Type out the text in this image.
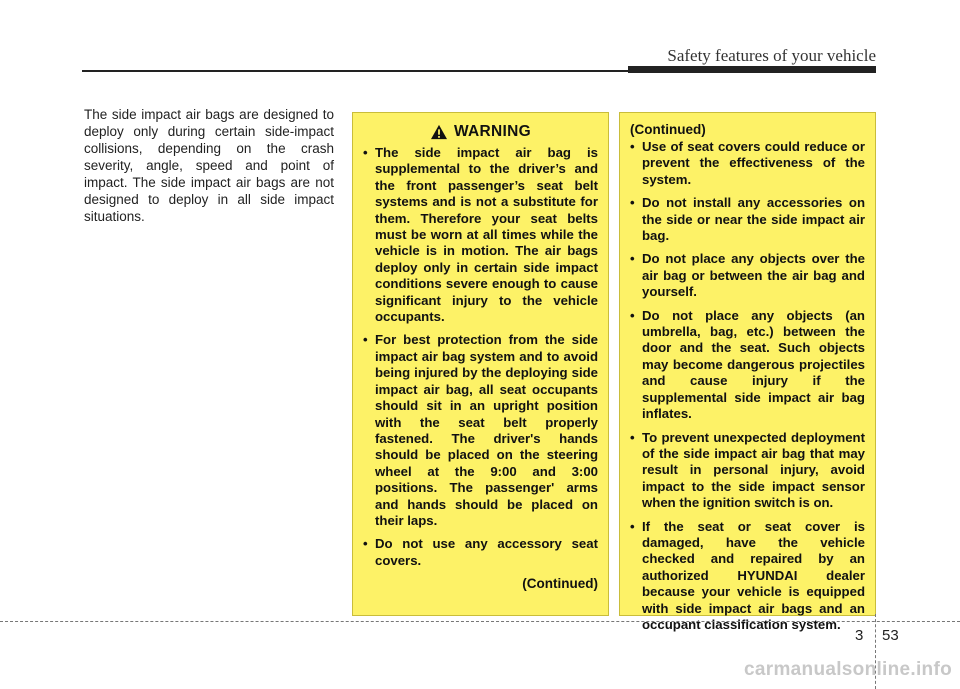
Safety features of your vehicle

The side impact air bags are designed to deploy only during certain side-impact collisions, depending on the crash severity, angle, speed and point of impact. The side impact air bags are not designed to deploy in all side impact situations.

WARNING
• The side impact air bag is supplemental to the driver’s and the front passenger’s seat belt systems and is not a substitute for them. Therefore your seat belts must be worn at all times while the vehicle is in motion. The air bags deploy only in certain side impact conditions severe enough to cause significant injury to the vehicle occupants.
• For best protection from the side impact air bag system and to avoid being injured by the deploying side impact air bag, all seat occupants should sit in an upright position with the seat belt properly fastened. The driver's hands should be placed on the steering wheel at the 9:00 and 3:00 positions. The passenger' arms and hands should be placed on their laps.
• Do not use any accessory seat covers.
(Continued)
(Continued)
• Use of seat covers could reduce or prevent the effectiveness of the system.
• Do not install any accessories on the side or near the side impact air bag.
• Do not place any objects over the air bag or between the air bag and yourself.
• Do not place any objects (an umbrella, bag, etc.) between the door and the seat. Such objects may become dangerous projectiles and cause injury if the supplemental side impact air bag inflates.
• To prevent unexpected deployment of the side impact air bag that may result in personal injury, avoid impact to the side impact sensor when the ignition switch is on.
• If the seat or seat cover is damaged, have the vehicle checked and repaired by an authorized HYUNDAI dealer because your vehicle is equipped with side impact air bags and an occupant classification system.
3 53
carmanualsonline.info
